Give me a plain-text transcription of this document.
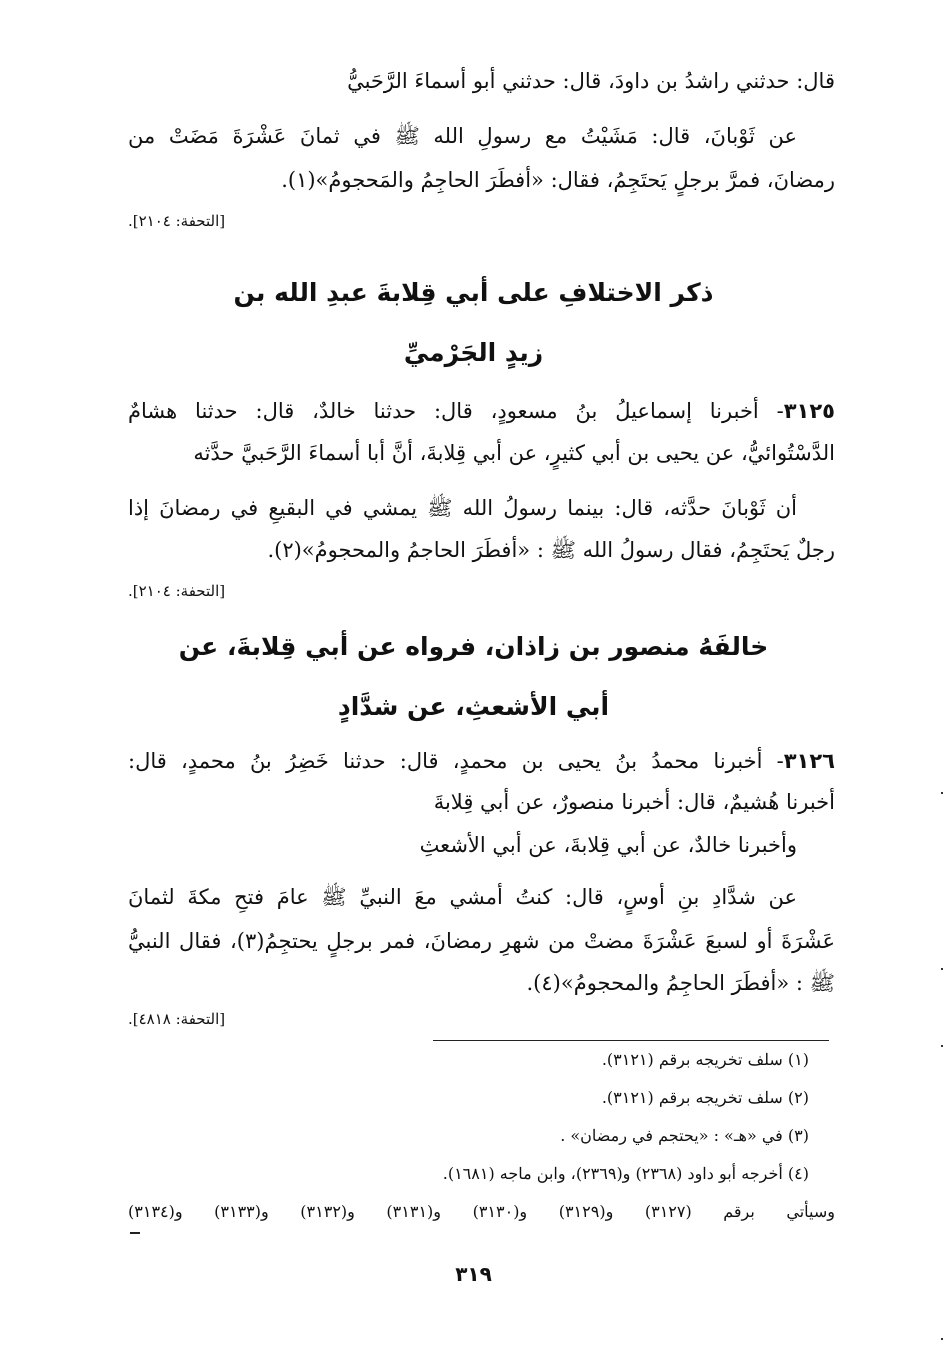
قال: حدثني راشدُ بن داودَ، قال: حدثني أبو أسماءَ الرَّحَبيُّ
عن ثَوْبانَ، قال: مَشَيْتُ مع رسولِ الله ﷺ في ثمانَ عَشْرَةَ مَضَتْ من
رمضانَ، فمرَّ برجلٍ يَحتَجِمُ، فقال: «أفطَرَ الحاجِمُ والمَحجومُ»(١).
[التحفة: ٢١٠٤].
ذكر الاختلافِ على أبي قِلابةَ عبدِ الله بن
زيدٍ الجَرْميِّ
٣١٢٥- أخبرنا إسماعيلُ بنُ مسعودٍ، قال: حدثنا خالدٌ، قال: حدثنا هشامٌ
الدَّسْتُوائيُّ، عن يحيى بن أبي كثيرٍ، عن أبي قِلابةَ، أنَّ أبا أسماءَ الرَّحَبيَّ حدَّثه
أن ثَوْبانَ حدَّثه، قال: بينما رسولُ الله ﷺ يمشي في البقيعِ في رمضانَ إذا
رجلٌ يَحتَجِمُ، فقال رسولُ الله ﷺ : «أفطَرَ الحاجمُ والمحجومُ»(٢).
[التحفة: ٢١٠٤].
خالفَهُ منصور بن زاذان، فرواه عن أبي قِلابةَ، عن
أبي الأشعثِ، عن شدَّادٍ
٣١٢٦- أخبرنا محمدُ بنُ يحيى بن محمدٍ، قال: حدثنا خَضِرُ بنُ محمدٍ، قال:
أخبرنا هُشيمٌ، قال: أخبرنا منصورٌ، عن أبي قِلابةَ
وأخبرنا خالدٌ، عن أبي قِلابةَ، عن أبي الأشعثِ
عن شدَّادِ بنِ أوسٍ، قال: كنتُ أمشي معَ النبيِّ ﷺ عامَ فتحِ مكةَ لثمانَ
عَشْرَةَ أو لسبعَ عَشْرَةَ مضتْ من شهرِ رمضانَ، فمر برجلٍ يحتجِمُ(٣)، فقال النبيُّ
ﷺ : «أفطَرَ الحاجِمُ والمحجومُ»(٤).
[التحفة: ٤٨١٨].
(١) سلف تخريجه برقم (٣١٢١).
(٢) سلف تخريجه برقم (٣١٢١).
(٣) في «هـ» : «يحتجم في رمضان» .
(٤) أخرجه أبو داود (٢٣٦٨) و(٢٣٦٩)، وابن ماجه (١٦٨١).
وسيأتي برقم (٣١٢٧) و(٣١٢٩) و(٣١٣٠) و(٣١٣١) و(٣١٣٢) و(٣١٣٣) و(٣١٣٤)
٣١٩
